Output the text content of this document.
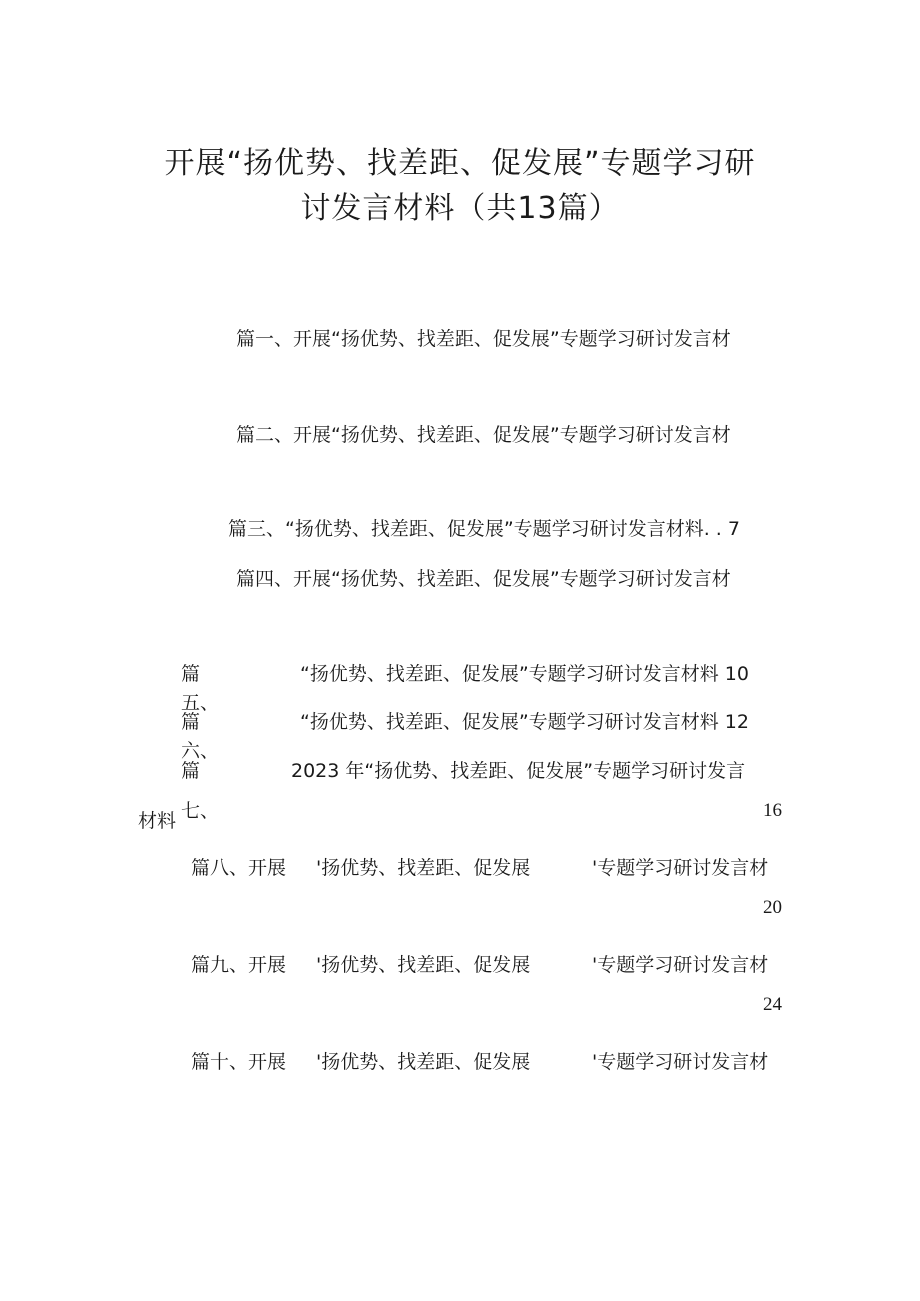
开展“扬优势、找差距、促发展”专题学习研
讨发言材料（共13篇）
篇一、开展“扬优势、找差距、促发展”专题学习研讨发言材
篇二、开展“扬优势、找差距、促发展”专题学习研讨发言材
篇三、“扬优势、找差距、促发展”专题学习研讨发言材料. . 7
篇四、开展“扬优势、找差距、促发展”专题学习研讨发言材
篇
五、
“扬优势、找差距、促发展”专题学习研讨发言材料 10
篇
六、
“扬优势、找差距、促发展”专题学习研讨发言材料 12
篇
七、
2023 年“扬优势、找差距、促发展”专题学习研讨发言
材料	16
篇八、开展 '扬优势、找差距、促发展	'专题学习研讨发言材
20
篇九、开展 '扬优势、找差距、促发展	'专题学习研讨发言材
24
篇十、开展 '扬优势、找差距、促发展	'专题学习研讨发言材
